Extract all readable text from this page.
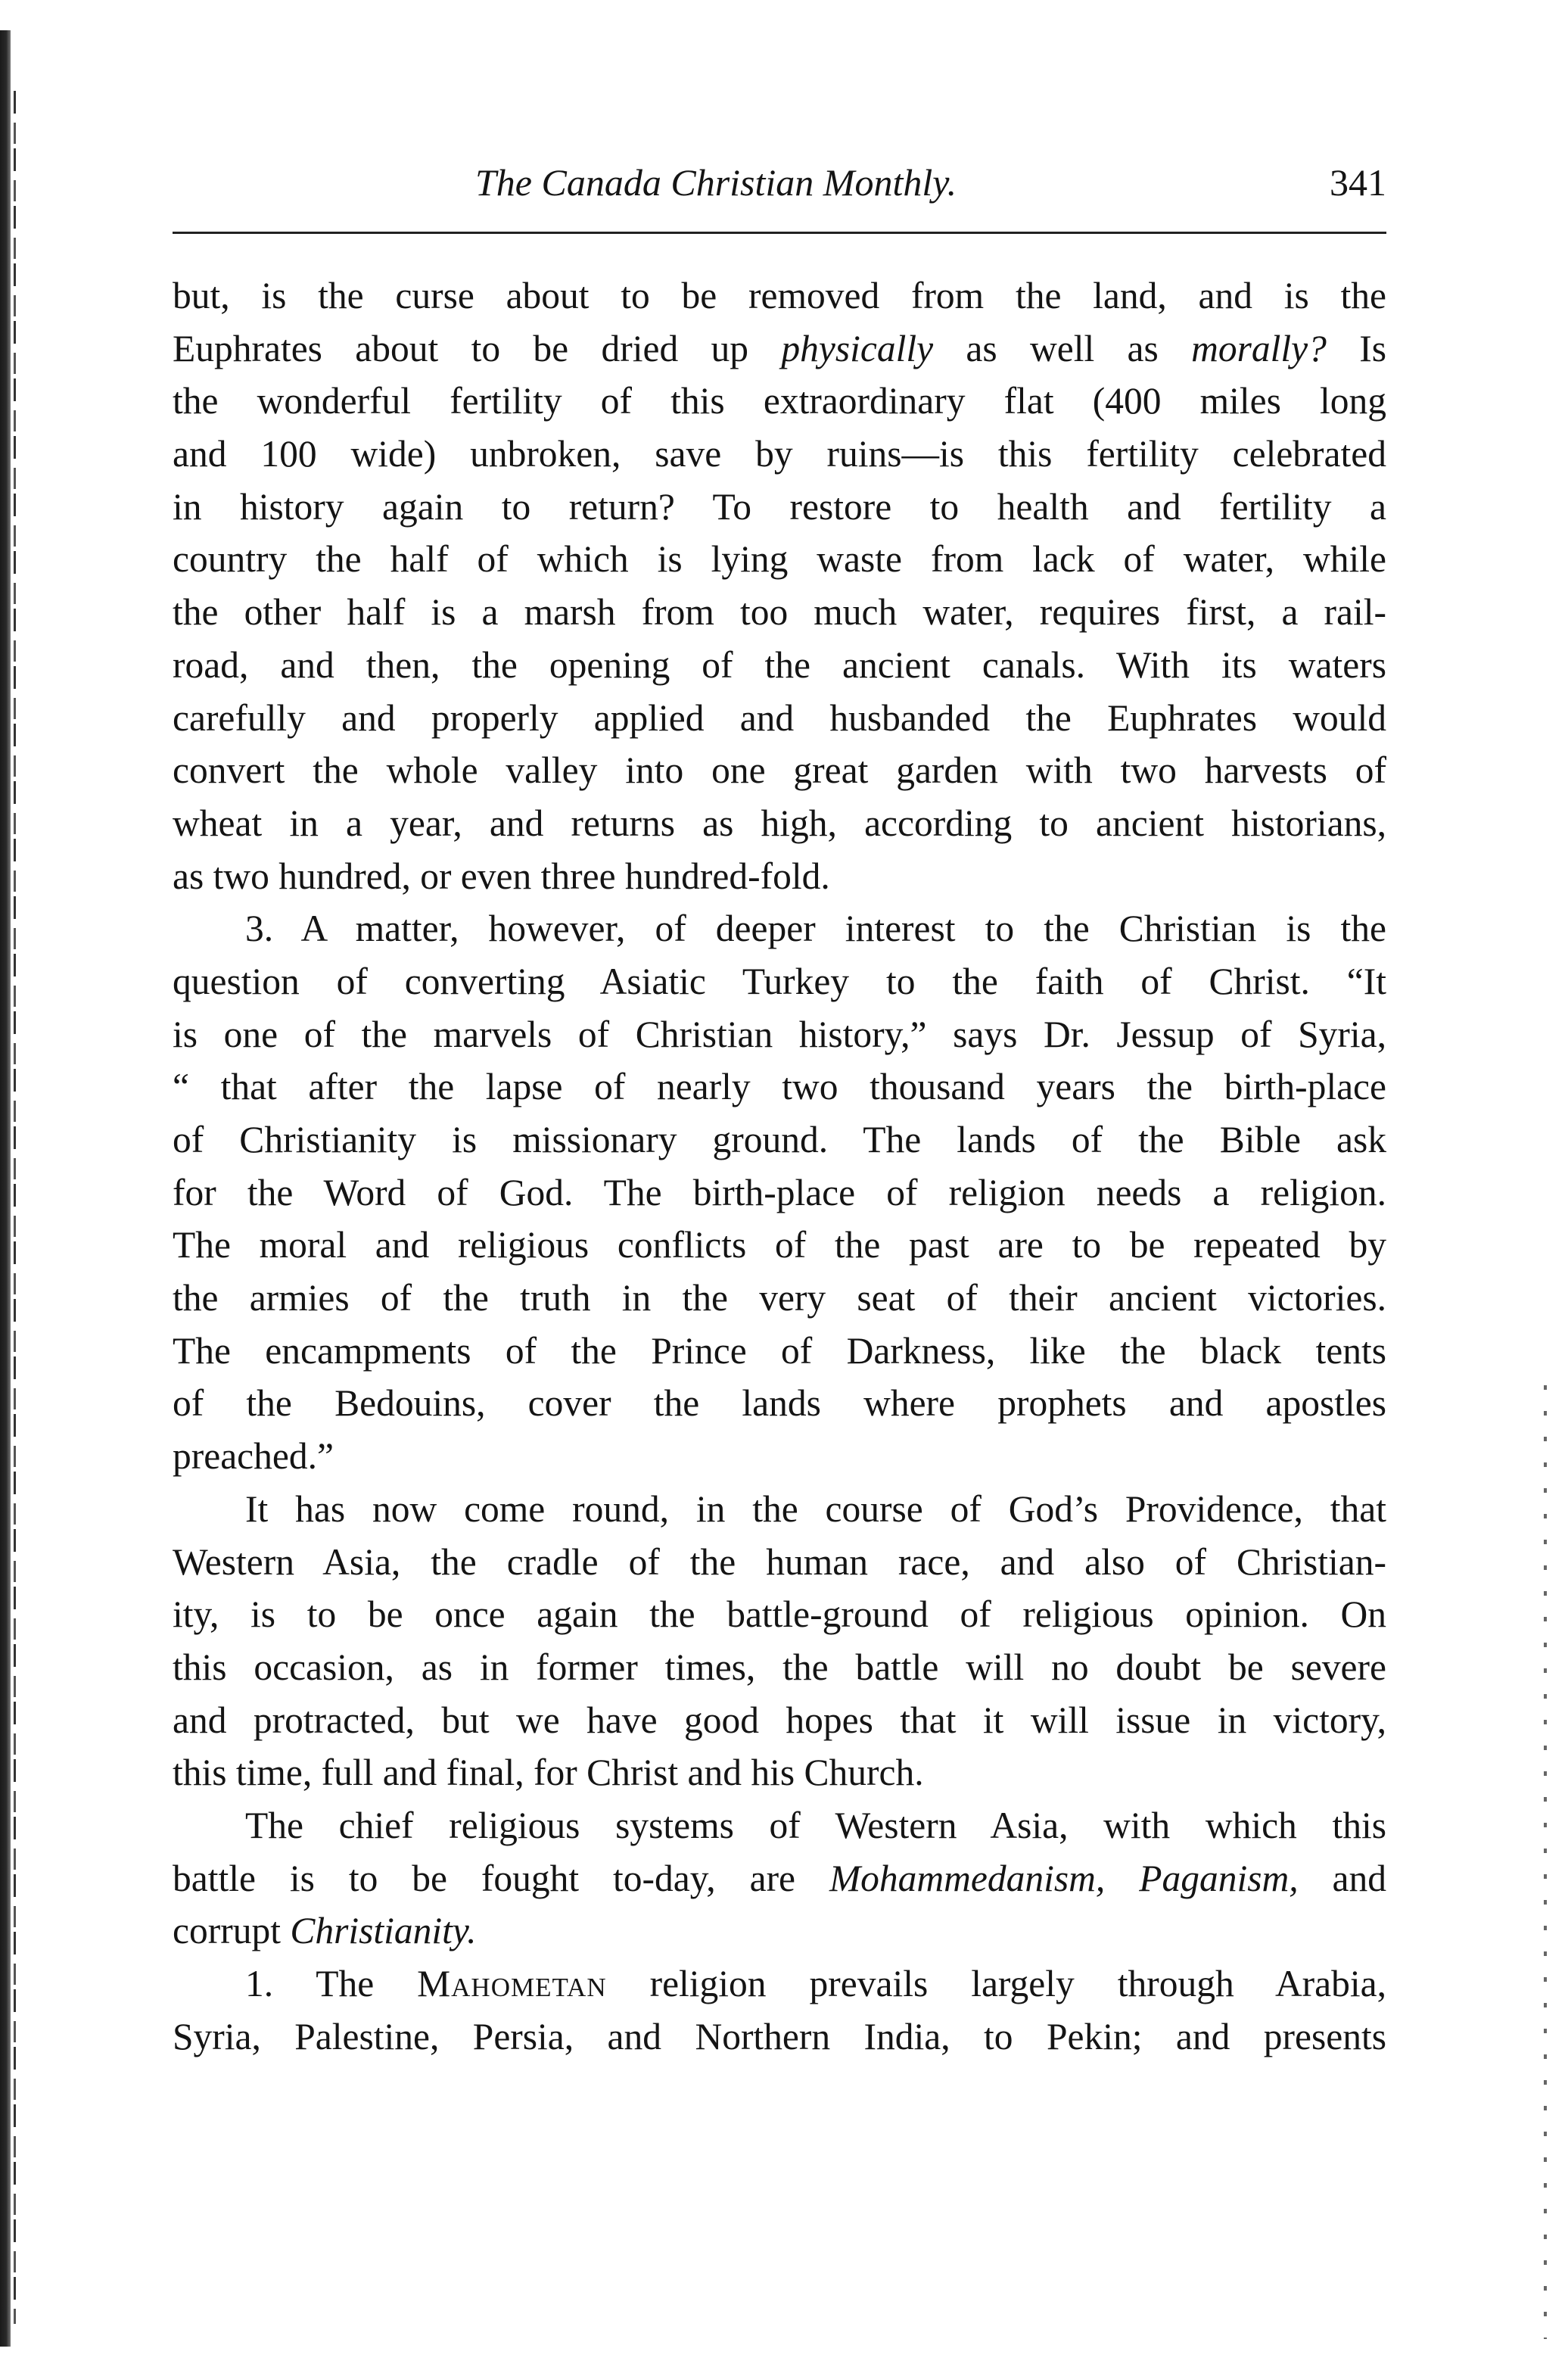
The Canada Christian Monthly.	341
but, is the curse about to be removed from the land, and is the
Euphrates about to be dried up physically as well as morally? Is
the wonderful fertility of this extraordinary flat (400 miles long
and 100 wide) unbroken, save by ruins—is this fertility celebrated
in history again to return? To restore to health and fertility a
country the half of which is lying waste from lack of water, while
the other half is a marsh from too much water, requires first, a rail-
road, and then, the opening of the ancient canals. With its waters
carefully and properly applied and husbanded the Euphrates would
convert the whole valley into one great garden with two harvests of
wheat in a year, and returns as high, according to ancient historians,
as two hundred, or even three hundred-fold.
3. A matter, however, of deeper interest to the Christian is the
question of converting Asiatic Turkey to the faith of Christ. “It
is one of the marvels of Christian history,” says Dr. Jessup of Syria,
“ that after the lapse of nearly two thousand years the birth-place
of Christianity is missionary ground. The lands of the Bible ask
for the Word of God. The birth-place of religion needs a religion.
The moral and religious conflicts of the past are to be repeated by
the armies of the truth in the very seat of their ancient victories.
The encampments of the Prince of Darkness, like the black tents
of the Bedouins, cover the lands where prophets and apostles
preached.”
It has now come round, in the course of God’s Providence, that
Western Asia, the cradle of the human race, and also of Christian-
ity, is to be once again the battle-ground of religious opinion. On
this occasion, as in former times, the battle will no doubt be severe
and protracted, but we have good hopes that it will issue in victory,
this time, full and final, for Christ and his Church.
The chief religious systems of Western Asia, with which this
battle is to be fought to-day, are Mohammedanism, Paganism, and
corrupt Christianity.
1. The Mahometan religion prevails largely through Arabia,
Syria, Palestine, Persia, and Northern India, to Pekin; and presents
